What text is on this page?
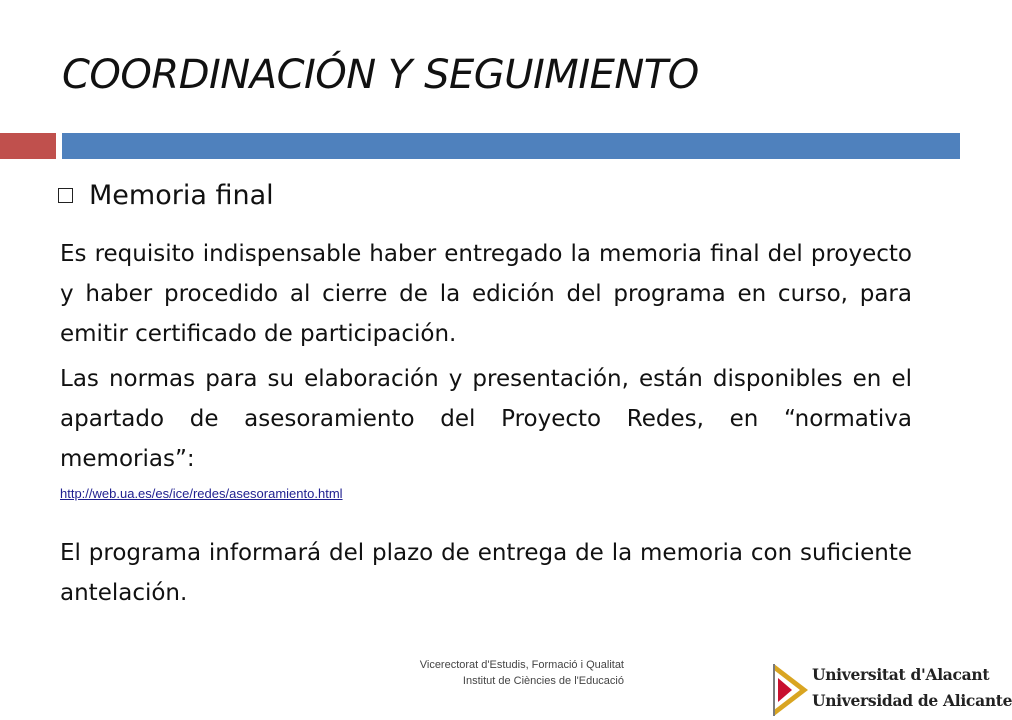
COORDINACIÓN Y SEGUIMIENTO
Memoria final
Es requisito indispensable haber entregado la memoria final del proyecto y haber procedido al cierre de la edición del programa en curso, para emitir certificado de participación.
Las normas para su elaboración y presentación, están disponibles en el apartado de asesoramiento del Proyecto Redes, en “normativa memorias”:
http://web.ua.es/es/ice/redes/asesoramiento.html
El programa informará del plazo de entrega de la memoria con suficiente antelación.
Vicerectorat d'Estudis, Formació i Qualitat
Institut de Ciències de l'Educació	Universitat d'Alacant
Universidad de Alicante
